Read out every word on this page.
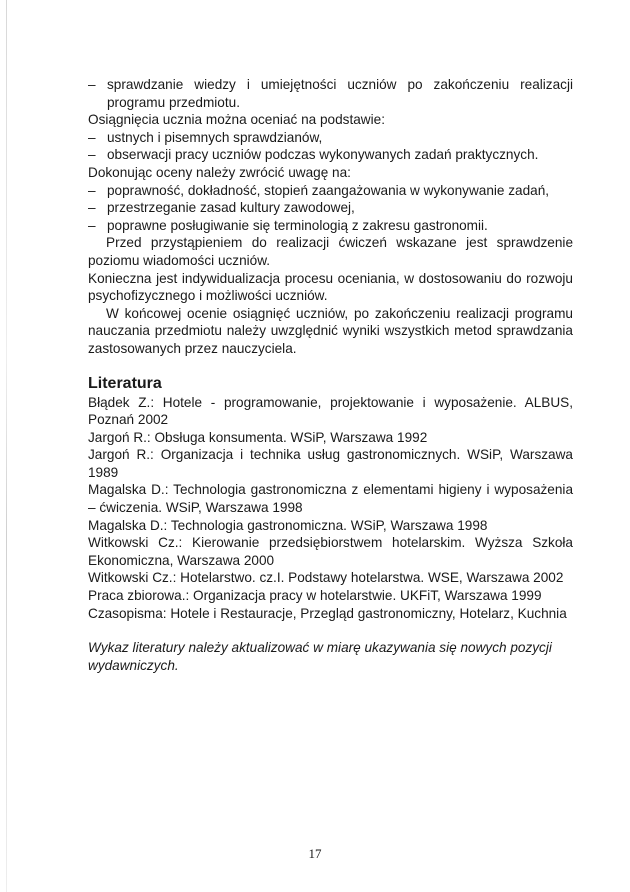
– sprawdzanie wiedzy i umiejętności uczniów po zakończeniu realizacji programu przedmiotu.

Osiągnięcia ucznia można oceniać na podstawie:

– ustnych i pisemnych sprawdzianów,
– obserwacji pracy uczniów podczas wykonywanych zadań praktycznych.

Dokonując oceny należy zwrócić uwagę na:

– poprawność, dokładność, stopień zaangażowania w wykonywanie zadań,
– przestrzeganie zasad kultury zawodowej,
– poprawne posługiwanie się terminologią z zakresu gastronomii.

Przed przystąpieniem do realizacji ćwiczeń wskazane jest sprawdzenie poziomu wiadomości uczniów.

Konieczna jest indywidualizacja procesu oceniania, w dostosowaniu do rozwoju psychofizycznego i możliwości uczniów.

W końcowej ocenie osiągnięć uczniów, po zakończeniu realizacji programu nauczania przedmiotu należy uwzględnić wyniki wszystkich metod sprawdzania zastosowanych przez nauczyciela.

Literatura
Błądek Z.: Hotele - programowanie, projektowanie i wyposażenie. ALBUS, Poznań 2002
Jargoń R.: Obsługa konsumenta. WSiP, Warszawa 1992
Jargoń R.: Organizacja i technika usług gastronomicznych. WSiP, Warszawa 1989
Magalska D.: Technologia gastronomiczna z elementami higieny i wyposażenia – ćwiczenia. WSiP, Warszawa 1998
Magalska D.: Technologia gastronomiczna. WSiP, Warszawa 1998
Witkowski Cz.: Kierowanie przedsiębiorstwem hotelarskim. Wyższa Szkoła Ekonomiczna, Warszawa 2000
Witkowski Cz.: Hotelarstwo. cz.I. Podstawy hotelarstwa. WSE, Warszawa 2002
Praca zbiorowa.: Organizacja pracy w hotelarstwie. UKFiT, Warszawa 1999
Czasopisma: Hotele i Restauracje, Przegląd gastronomiczny, Hotelarz, Kuchnia

Wykaz literatury należy aktualizować w miarę ukazywania się nowych pozycji wydawniczych.

17
